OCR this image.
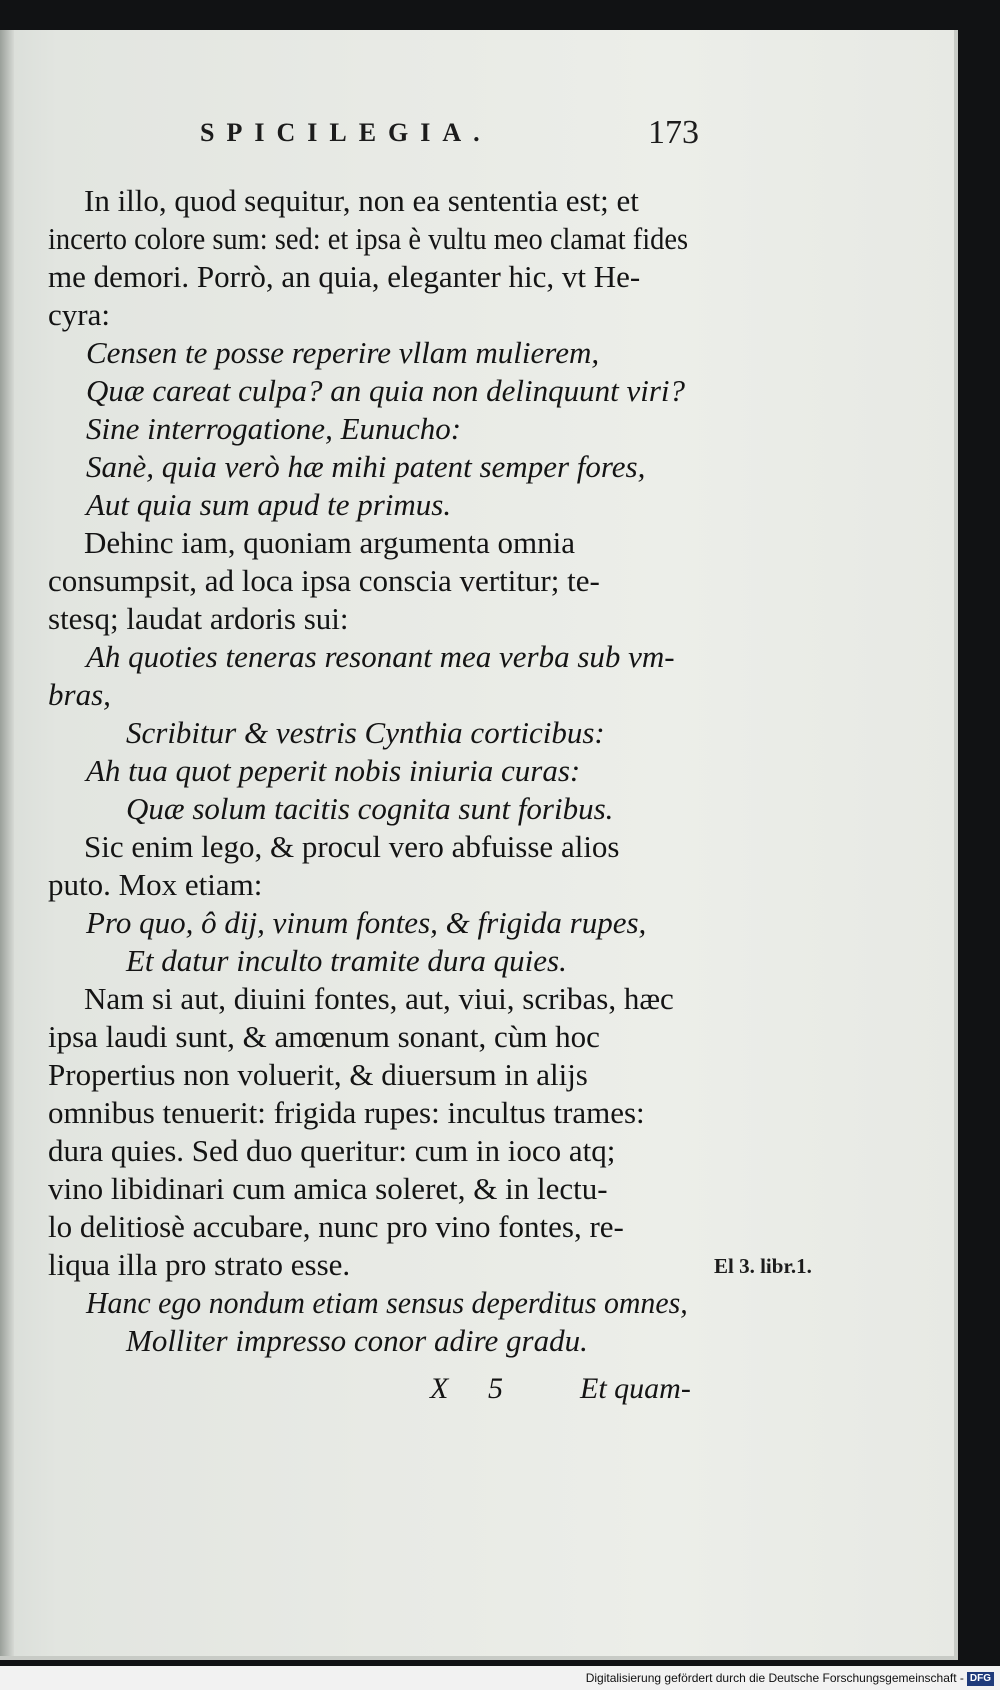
SPICILEGIA.	173

In illo, quod sequitur, non ea sententia est; et

incerto colore sum: sed: et ipsa è vultu meo clamat fides

me demori. Porrò, an quia, eleganter hic, vt He-

cyra:

Censen te posse reperire vllam mulierem,

Quæ careat culpa? an quia non delinquunt viri?

Sine interrogatione, Eunucho:

Sanè, quia verò hæ mihi patent semper fores,

Aut quia sum apud te primus.

Dehinc iam, quoniam argumenta omnia

consumpsit, ad loca ipsa conscia vertitur; te-

stesq; laudat ardoris sui:

Ah quoties teneras resonant mea verba sub vm-

bras,

Scribitur & vestris Cynthia corticibus:

Ah tua quot peperit nobis iniuria curas:

Quæ solum tacitis cognita sunt foribus.

Sic enim lego, & procul vero abfuisse alios

puto. Mox etiam:

Pro quo, ô dij, vinum fontes, & frigida rupes,

Et datur inculto tramite dura quies.

Nam si aut, diuini fontes, aut, viui, scribas, hæc

ipsa laudi sunt, & amœnum sonant, cùm hoc

Propertius non voluerit, & diuersum in alijs

omnibus tenuerit: frigida rupes: incultus trames:

dura quies. Sed duo queritur: cum in ioco atq;

vino libidinari cum amica soleret, & in lectu-

lo delitiosè accubare, nunc pro vino fontes, re-

liqua illa pro strato esse.

Hanc ego nondum etiam sensus deperditus omnes,

Molliter impresso conor adire gradu.

El 3. libr.1.
X 5	Et quam-
Digitalisierung gefördert durch die Deutsche Forschungsgemeinschaft - DFG
